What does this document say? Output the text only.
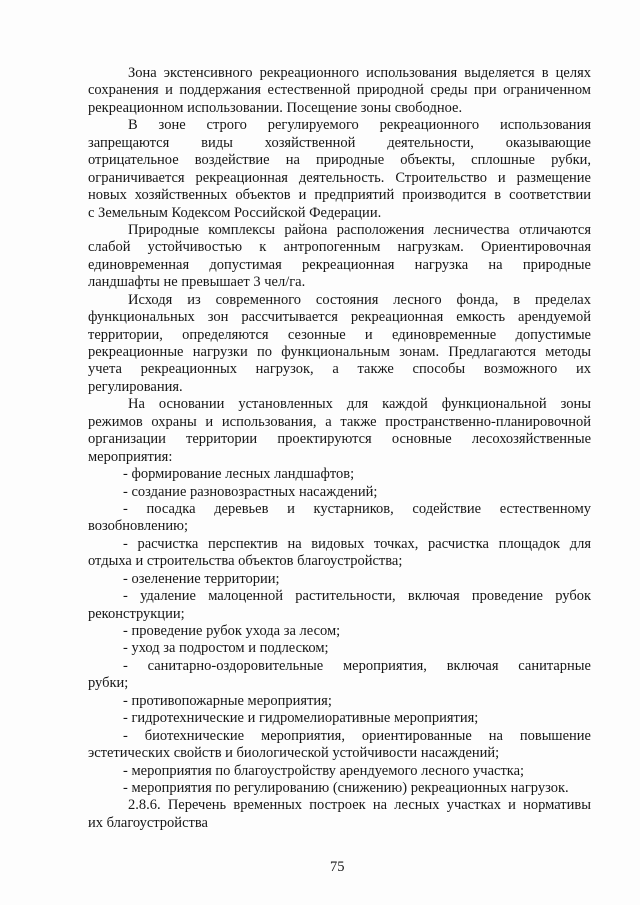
Зона экстенсивного рекреационного использования выделяется в целях
сохранения и поддержания естественной природной среды при ограниченном
рекреационном использовании. Посещение зоны свободное.
В зоне строго регулируемого рекреационного использования
запрещаются виды хозяйственной деятельности, оказывающие
отрицательное воздействие на природные объекты, сплошные рубки,
ограничивается рекреационная деятельность. Строительство и размещение
новых хозяйственных объектов и предприятий производится в соответствии
с Земельным Кодексом Российской Федерации.
Природные комплексы района расположения лесничества отличаются
слабой устойчивостью к антропогенным нагрузкам. Ориентировочная
единовременная допустимая рекреационная нагрузка на природные
ландшафты не превышает 3 чел/га.
Исходя из современного состояния лесного фонда, в пределах
функциональных зон рассчитывается рекреационная емкость арендуемой
территории, определяются сезонные и единовременные допустимые
рекреационные нагрузки по функциональным зонам. Предлагаются методы
учета рекреационных нагрузок, а также способы возможного их
регулирования.
На основании установленных для каждой функциональной зоны
режимов охраны и использования, а также пространственно-планировочной
организации территории проектируются основные лесохозяйственные
мероприятия:
- формирование лесных ландшафтов;
- создание разновозрастных насаждений;
- посадка деревьев и кустарников, содействие естественному
возобновлению;
- расчистка перспектив на видовых точках, расчистка площадок для
отдыха и строительства объектов благоустройства;
- озеленение территории;
- удаление малоценной растительности, включая проведение рубок
реконструкции;
- проведение рубок ухода за лесом;
- уход за подростом и подлеском;
- санитарно-оздоровительные мероприятия, включая санитарные
рубки;
- противопожарные мероприятия;
- гидротехнические и гидромелиоративные мероприятия;
- биотехнические мероприятия, ориентированные на повышение
эстетических свойств и биологической устойчивости насаждений;
- мероприятия по благоустройству арендуемого лесного участка;
- мероприятия по регулированию (снижению) рекреационных нагрузок.
2.8.6. Перечень временных построек на лесных участках и нормативы
их благоустройства
75
